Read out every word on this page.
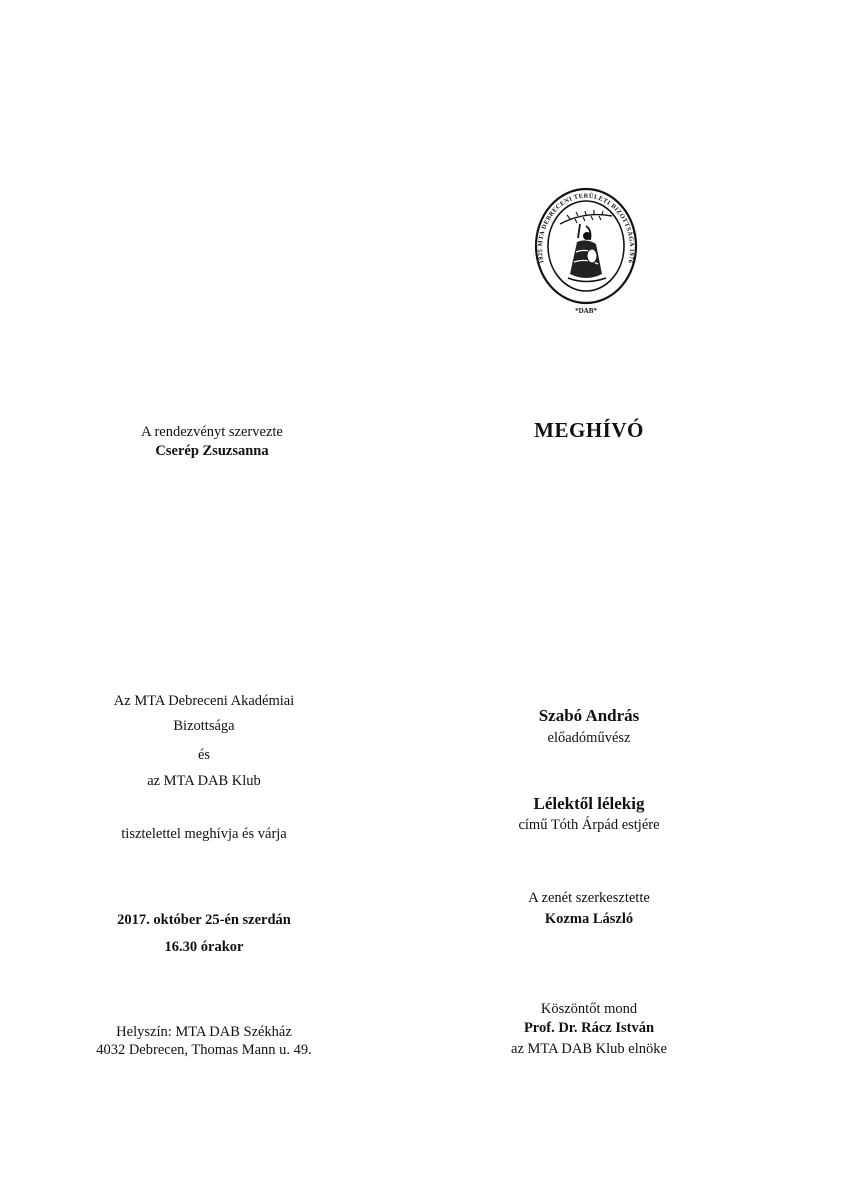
1825 MTA DEBRECENI TERÜLETI BIZOTTSÁGA 1976
*DAB*
A rendezvényt szervezte
Cserép Zsuzsanna
Az MTA Debreceni Akadémiai
Bizottsága
és
az MTA DAB Klub
tisztelettel meghívja és várja
2017. október 25-én szerdán
16.30 órakor
Helyszín: MTA DAB Székház
4032 Debrecen, Thomas Mann u. 49.
MEGHÍVÓ
Szabó András
előadóművész
Lélektől lélekig
című Tóth Árpád estjére
A zenét szerkesztette
Kozma László
Köszöntőt mond
Prof. Dr. Rácz István
az MTA DAB Klub elnöke
